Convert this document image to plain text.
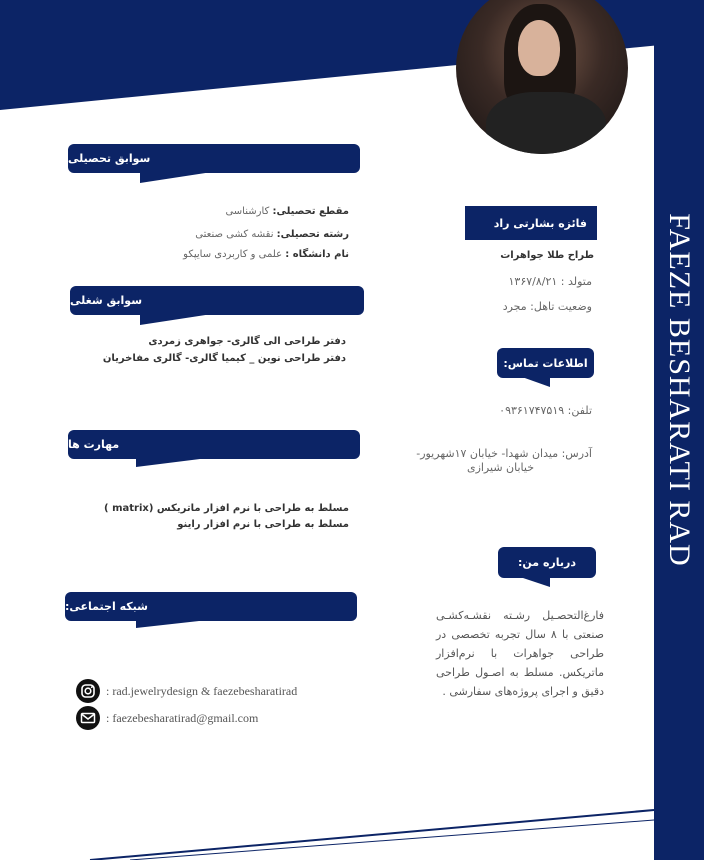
FAEZE BESHARATI RAD
سوابق تحصیلی
مقطع تحصیلی: کارشناسی
رشته تحصیلی: نقشه کشی صنعتی
نام دانشگاه : علمی و کاربردی سایپکو
سوابق شغلی
دفتر طراحی الی گالری- جواهری زمردی
دفتر طراحی نوین _ کیمیا گالری- گالری مفاخریان
مهارت ها
مسلط به طراحی با نرم افزار ماتریکس (matrix )
مسلط به طراحی با نرم افزار راینو
شبکه اجتماعی:
: rad.jewelrydesign & faezebesharatirad
: faezebesharatirad@gmail.com
فائزه بشارتی راد
طراح طلا جواهرات
متولد : ۱۳۶۷/۸/۲۱
وضعیت تاهل: مجرد
اطلاعات تماس:
تلفن: ۰۹۳۶۱۷۴۷۵۱۹
آدرس: میدان شهدا- خیابان ۱۷شهریور-
خیابان شیرازی
درباره من:
فارغ‌التحصـیل رشـته نقشـه‌کشـی صنعتی با ۸ سال تجربه تخصصی در طراحی جواهرات با نرم‌افزار ماتریکس. مسلط به اصـول طراحی دقیق و اجرای پروژه‌های سفارشی .
